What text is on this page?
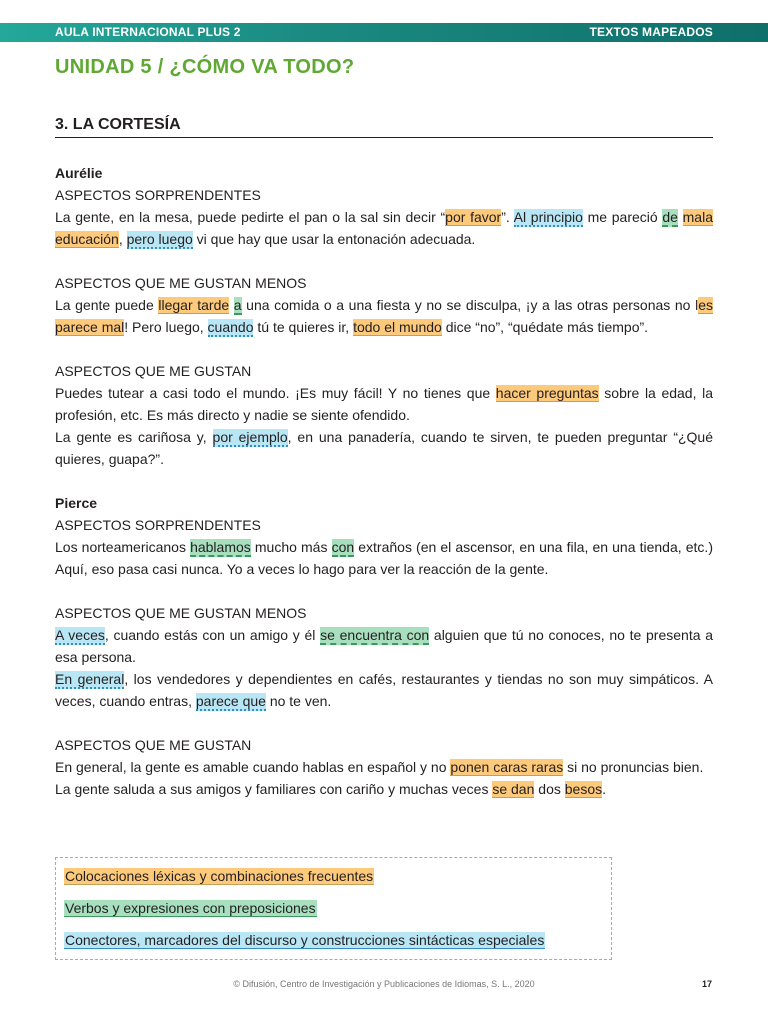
AULA INTERNACIONAL PLUS 2	TEXTOS MAPEADOS
UNIDAD 5 / ¿CÓMO VA TODO?
3. LA CORTESÍA

Aurélie

ASPECTOS SORPRENDENTES

La gente, en la mesa, puede pedirte el pan o la sal sin decir “por favor”. Al principio me pareció de mala educación, pero luego vi que hay que usar la entonación adecuada.

ASPECTOS QUE ME GUSTAN MENOS

La gente puede llegar tarde a una comida o a una fiesta y no se disculpa, ¡y a las otras personas no les parece mal! Pero luego, cuando tú te quieres ir, todo el mundo dice “no”, “quédate más tiempo”.

ASPECTOS QUE ME GUSTAN

Puedes tutear a casi todo el mundo. ¡Es muy fácil! Y no tienes que hacer preguntas sobre la edad, la profesión, etc. Es más directo y nadie se siente ofendido.

La gente es cariñosa y, por ejemplo, en una panadería, cuando te sirven, te pueden preguntar “¿Qué quieres, guapa?”.

Pierce

ASPECTOS SORPRENDENTES

Los norteamericanos hablamos mucho más con extraños (en el ascensor, en una fila, en una tienda, etc.) Aquí, eso pasa casi nunca. Yo a veces lo hago para ver la reacción de la gente.

ASPECTOS QUE ME GUSTAN MENOS

A veces, cuando estás con un amigo y él se encuentra con alguien que tú no conoces, no te presenta a esa persona.

En general, los vendedores y dependientes en cafés, restaurantes y tiendas no son muy simpáticos. A veces, cuando entras, parece que no te ven.

ASPECTOS QUE ME GUSTAN

En general, la gente es amable cuando hablas en español y no ponen caras raras si no pronuncias bien.

La gente saluda a sus amigos y familiares con cariño y muchas veces se dan dos besos.

Colocaciones léxicas y combinaciones frecuentes
Verbos y expresiones con preposiciones
Conectores, marcadores del discurso y construcciones sintácticas especiales
© Difusión, Centro de Investigación y Publicaciones de Idiomas, S. L., 2020	17
